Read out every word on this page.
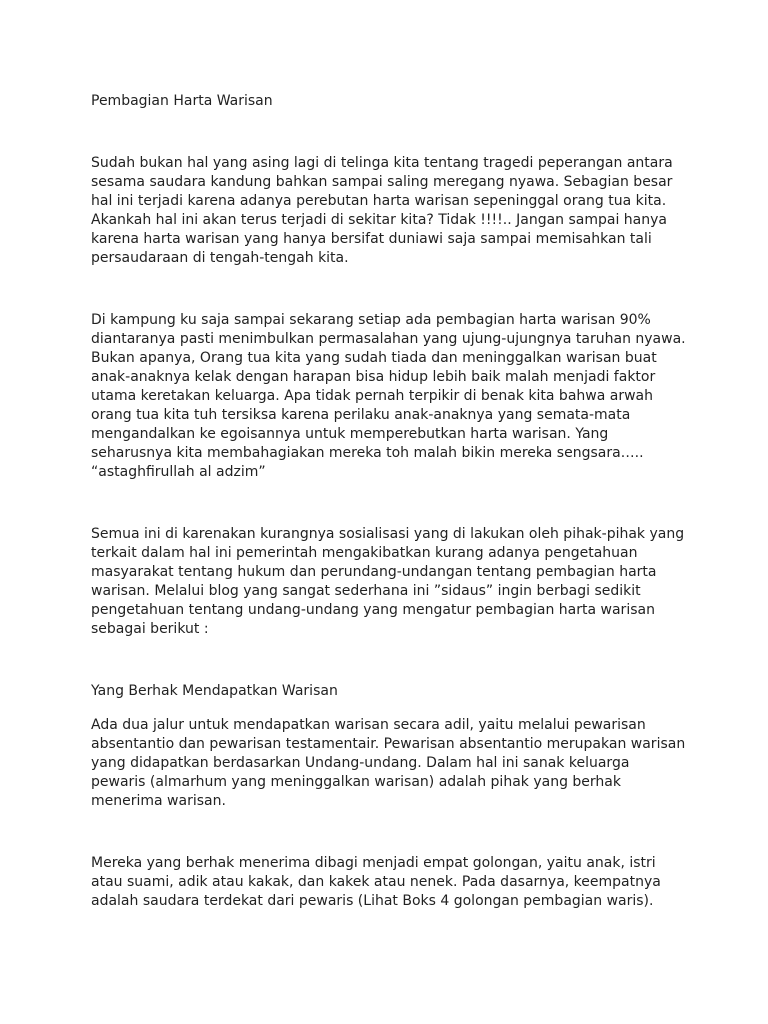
Pembagian Harta Warisan

Sudah bukan hal yang asing lagi di telinga kita tentang tragedi peperangan antara
sesama saudara kandung bahkan sampai saling meregang nyawa. Sebagian besar
hal ini terjadi karena adanya perebutan harta warisan sepeninggal orang tua kita.
Akankah hal ini akan terus terjadi di sekitar kita? Tidak !!!!.. Jangan sampai hanya
karena harta warisan yang hanya bersifat duniawi saja sampai memisahkan tali
persaudaraan di tengah-tengah kita.

Di kampung ku saja sampai sekarang setiap ada pembagian harta warisan 90%
diantaranya pasti menimbulkan permasalahan yang ujung-ujungnya taruhan nyawa.
Bukan apanya, Orang tua kita yang sudah tiada dan meninggalkan warisan buat
anak-anaknya kelak dengan harapan bisa hidup lebih baik malah menjadi faktor
utama keretakan keluarga. Apa tidak pernah terpikir di benak kita bahwa arwah
orang tua kita tuh tersiksa karena perilaku anak-anaknya yang semata-mata
mengandalkan ke egoisannya untuk memperebutkan harta warisan. Yang
seharusnya kita membahagiakan mereka toh malah bikin mereka sengsara…..
“astaghfirullah al adzim”

Semua ini di karenakan kurangnya sosialisasi yang di lakukan oleh pihak-pihak yang
terkait dalam hal ini pemerintah mengakibatkan kurang adanya pengetahuan
masyarakat tentang hukum dan perundang-undangan tentang pembagian harta
warisan. Melalui blog yang sangat sederhana ini ”sidaus” ingin berbagi sedikit
pengetahuan tentang undang-undang yang mengatur pembagian harta warisan
sebagai berikut :

Yang Berhak Mendapatkan Warisan

Ada dua jalur untuk mendapatkan warisan secara adil, yaitu melalui pewarisan
absentantio dan pewarisan testamentair. Pewarisan absentantio merupakan warisan
yang didapatkan berdasarkan Undang-undang. Dalam hal ini sanak keluarga
pewaris (almarhum yang meninggalkan warisan) adalah pihak yang berhak
menerima warisan.

Mereka yang berhak menerima dibagi menjadi empat golongan, yaitu anak, istri
atau suami, adik atau kakak, dan kakek atau nenek. Pada dasarnya, keempatnya
adalah saudara terdekat dari pewaris (Lihat Boks 4 golongan pembagian waris).
